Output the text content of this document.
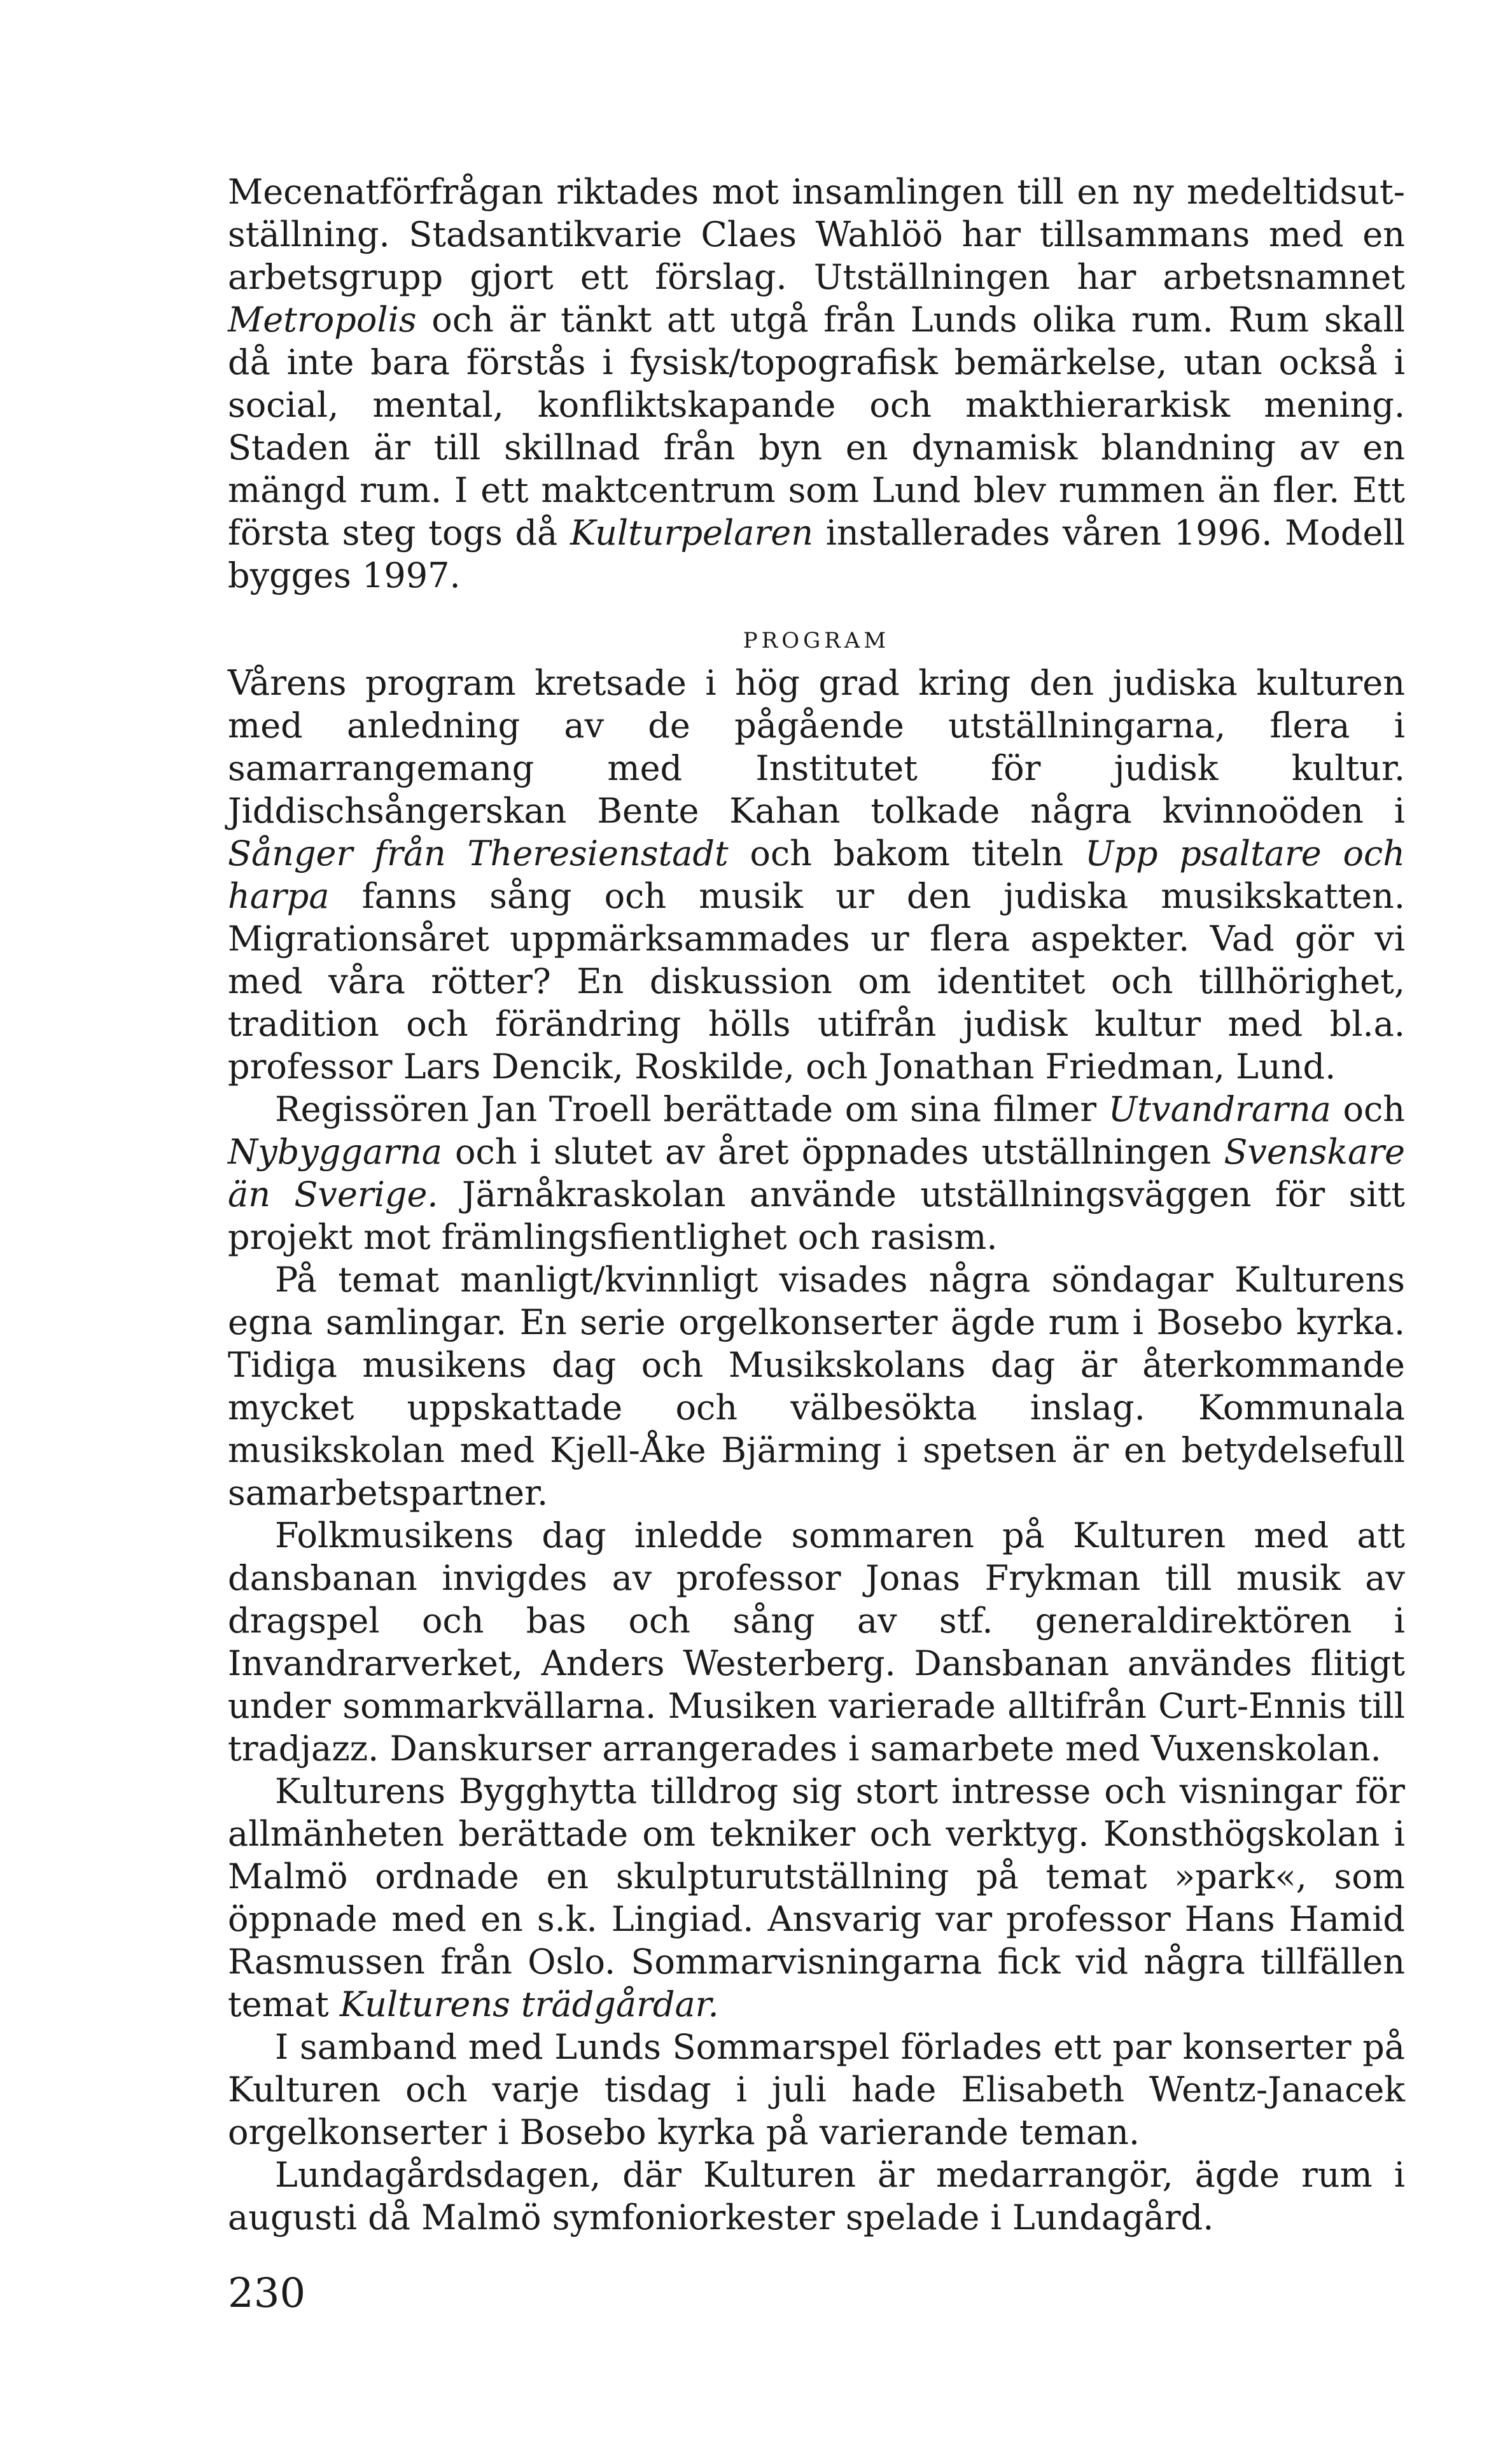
Mecenatförfrågan riktades mot insamlingen till en ny medeltidsutställning. Stadsantikvarie Claes Wahlöö har tillsammans med en arbetsgrupp gjort ett förslag. Utställningen har arbetsnamnet Metropolis och är tänkt att utgå från Lunds olika rum. Rum skall då inte bara förstås i fysisk/topografisk bemärkelse, utan också i social, mental, konfliktskapande och makthierarkisk mening. Staden är till skillnad från byn en dynamisk blandning av en mängd rum. I ett maktcentrum som Lund blev rummen än fler. Ett första steg togs då Kulturpelaren installerades våren 1996. Modell bygges 1997.

PROGRAM

Vårens program kretsade i hög grad kring den judiska kulturen med anledning av de pågående utställningarna, flera i samarrangemang med Institutet för judisk kultur. Jiddischsångerskan Bente Kahan tolkade några kvinnoöden i Sånger från Theresienstadt och bakom titeln Upp psaltare och harpa fanns sång och musik ur den judiska musikskatten. Migrationsåret uppmärksammades ur flera aspekter. Vad gör vi med våra rötter? En diskussion om identitet och tillhörighet, tradition och förändring hölls utifrån judisk kultur med bl.a. professor Lars Dencik, Roskilde, och Jonathan Friedman, Lund.

Regissören Jan Troell berättade om sina filmer Utvandrarna och Nybyggarna och i slutet av året öppnades utställningen Svenskare än Sverige. Järnåkraskolan använde utställningsväggen för sitt projekt mot främlingsfientlighet och rasism.

På temat manligt/kvinnligt visades några söndagar Kulturens egna samlingar. En serie orgelkonserter ägde rum i Bosebo kyrka. Tidiga musikens dag och Musikskolans dag är återkommande mycket uppskattade och välbesökta inslag. Kommunala musikskolan med Kjell-Åke Bjärming i spetsen är en betydelsefull samarbetspartner.

Folkmusikens dag inledde sommaren på Kulturen med att dansbanan invigdes av professor Jonas Frykman till musik av dragspel och bas och sång av stf. generaldirektören i Invandrarverket, Anders Westerberg. Dansbanan användes flitigt under sommarkvällarna. Musiken varierade alltifrån Curt-Ennis till tradjazz. Danskurser arrangerades i samarbete med Vuxenskolan.

Kulturens Bygghytta tilldrog sig stort intresse och visningar för allmänheten berättade om tekniker och verktyg. Konsthögskolan i Malmö ordnade en skulpturutställning på temat »park«, som öppnade med en s.k. Lingiad. Ansvarig var professor Hans Hamid Rasmussen från Oslo. Sommarvisningarna fick vid några tillfällen temat Kulturens trädgårdar.

I samband med Lunds Sommarspel förlades ett par konserter på Kulturen och varje tisdag i juli hade Elisabeth Wentz-Janacek orgelkonserter i Bosebo kyrka på varierande teman.

Lundagårdsdagen, där Kulturen är medarrangör, ägde rum i augusti då Malmö symfoniorkester spelade i Lundagård.

230
